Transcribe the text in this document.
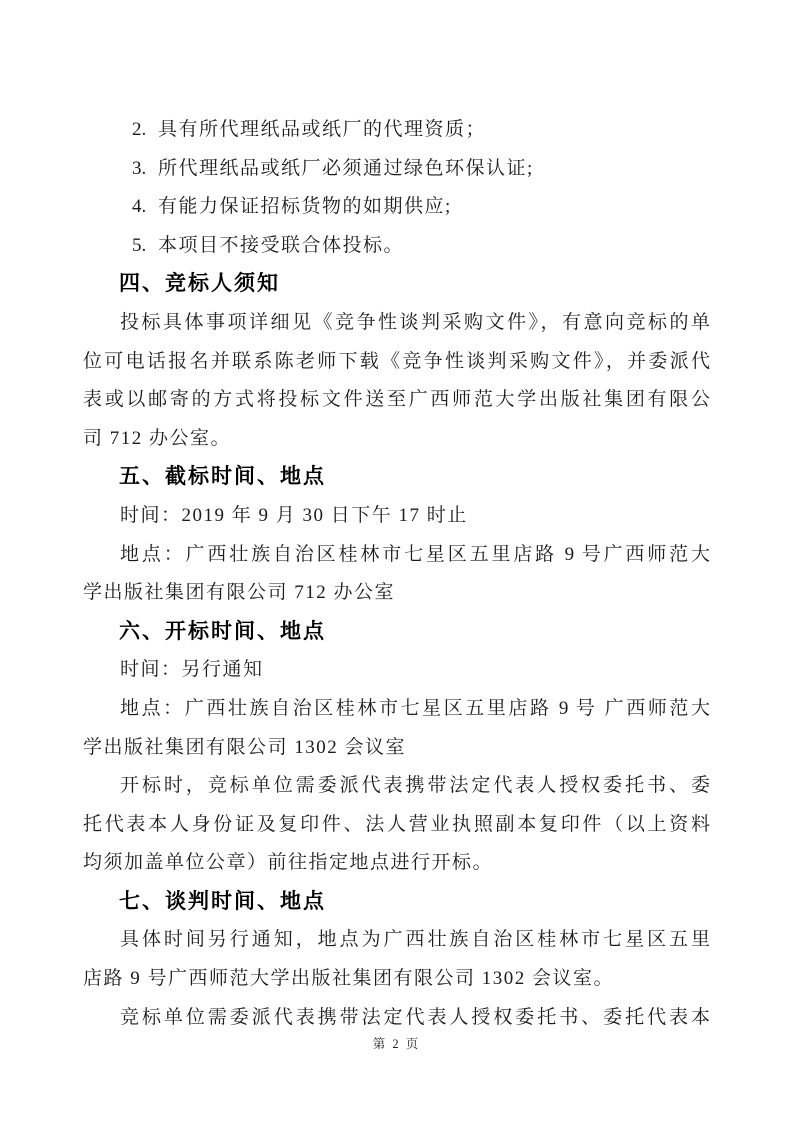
2. 具有所代理纸品或纸厂的代理资质；
3. 所代理纸品或纸厂必须通过绿色环保认证;
4. 有能力保证招标货物的如期供应;
5. 本项目不接受联合体投标。
四、竞标人须知
投标具体事项详细见《竞争性谈判采购文件》，有意向竞标的单
位可电话报名并联系陈老师下载《竞争性谈判采购文件》，并委派代
表或以邮寄的方式将投标文件送至广西师范大学出版社集团有限公
司 712 办公室。
五、截标时间、地点
时间：2019 年 9 月 30 日下午 17 时止
地点：广西壮族自治区桂林市七星区五里店路 9 号广西师范大
学出版社集团有限公司 712 办公室
六、开标时间、地点
时间：另行通知
地点：广西壮族自治区桂林市七星区五里店路 9 号 广西师范大
学出版社集团有限公司 1302 会议室
开标时，竞标单位需委派代表携带法定代表人授权委托书、委
托代表本人身份证及复印件、法人营业执照副本复印件（以上资料
均须加盖单位公章）前往指定地点进行开标。
七、谈判时间、地点
具体时间另行通知，地点为广西壮族自治区桂林市七星区五里
店路 9 号广西师范大学出版社集团有限公司 1302 会议室。
竞标单位需委派代表携带法定代表人授权委托书、委托代表本
第 2 页
